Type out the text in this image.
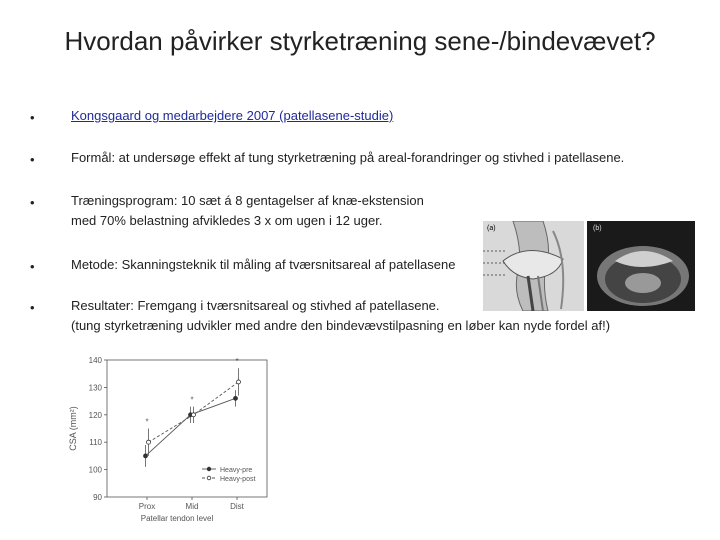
Hvordan påvirker styrketræning sene-/bindevævet?
•	Kongsgaard og medarbejdere 2007 (patellasene-studie)
•	Formål: at undersøge effekt af tung styrketræning på areal-forandringer og stivhed i patellasene.
•	Træningsprogram: 10 sæt á 8 gentagelser af knæ-ekstension
med 70% belastning afvikledes 3 x om ugen i 12 uger.
•	Metode: Skanningsteknik til måling af tværsnitsareal af patellasene
•	Resultater: Fremgang i tværsnitsareal og stivhed af patellasene.
(tung styrketræning udvikler med andre den bindevævstilpasning en løber kan nyde fordel af!)
(a)	(b)
90
100
110
120
130
140
Prox	Mid	Dist
Patellar tendon level
CSA (mm²)	*
*
*
Heavy-pre
Heavy-post
